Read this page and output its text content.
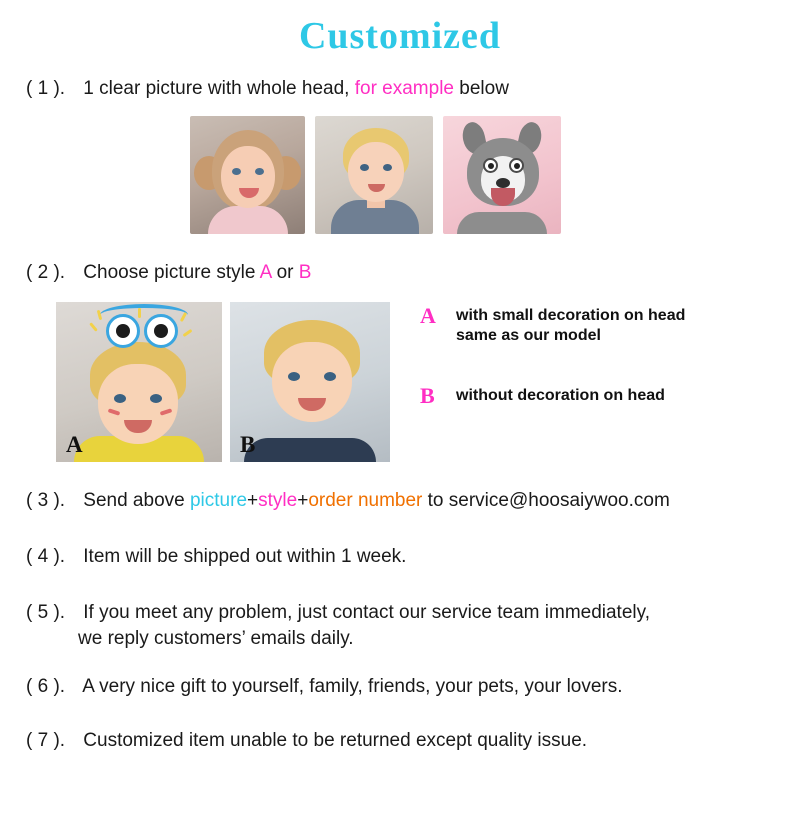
Customized
( 1 ). 1 clear picture with whole head, for example below
( 2 ). Choose picture style A or B
A	B
A with small decoration on head
same as our model
B without decoration on head
( 3 ). Send above picture+style+order number to service@hoosaiywoo.com
( 4 ). Item will be shipped out within 1 week.
( 5 ). If you meet any problem, just contact our service team immediately,
we reply customers’ emails daily.
( 6 ). A very nice gift to yourself, family, friends, your pets, your lovers.
( 7 ). Customized item unable to be returned except quality issue.
